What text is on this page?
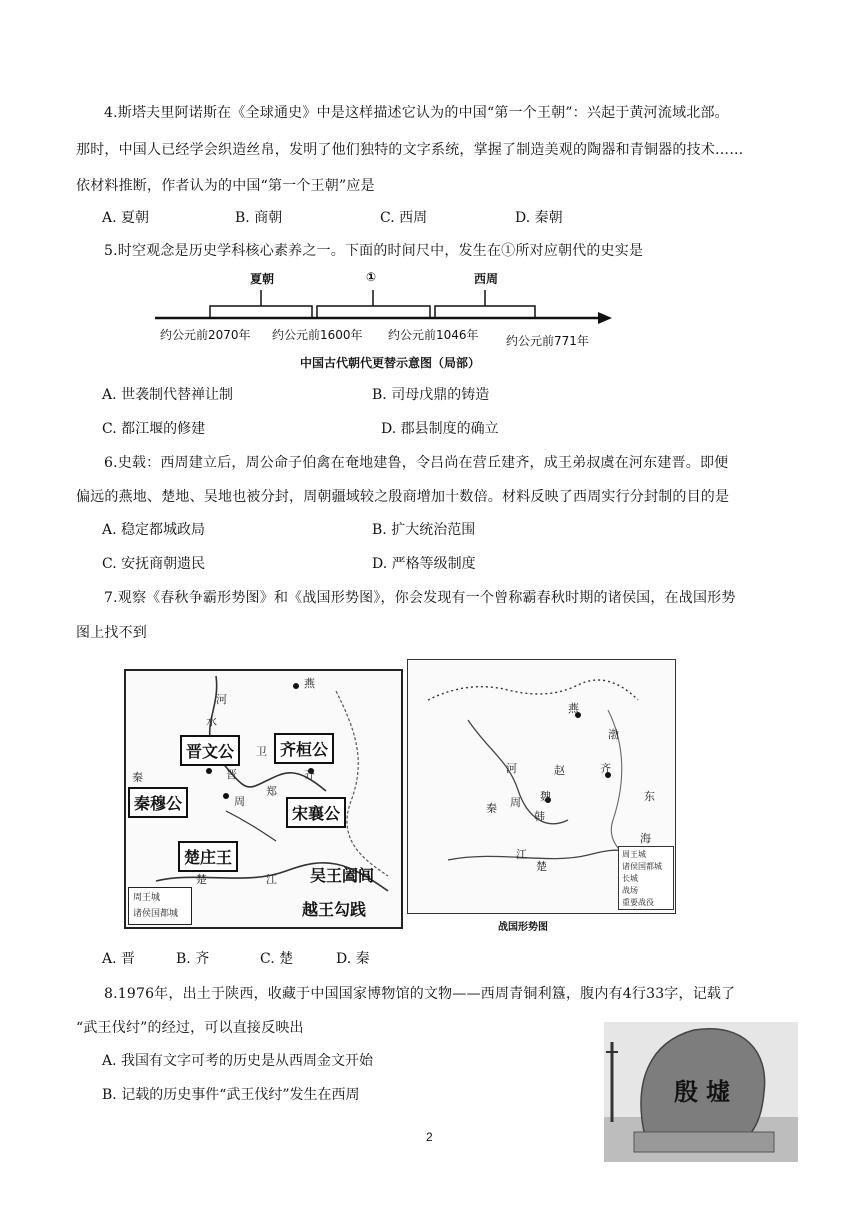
4.斯塔夫里阿诺斯在《全球通史》中是这样描述它认为的中国“第一个王朝”：兴起于黄河流域北部。
那时，中国人已经学会织造丝帛，发明了他们独特的文字系统，掌握了制造美观的陶器和青铜器的技术……
依材料推断，作者认为的中国“第一个王朝”应是
A. 夏朝	B. 商朝	C. 西周	D. 秦朝
5.时空观念是历史学科核心素养之一。下面的时间尺中，发生在①所对应朝代的史实是
夏朝	①	西周
约公元前2070年 约公元前1600年 约公元前1046年 约公元前771年
中国古代朝代更替示意图（局部）
A. 世袭制代替禅让制	B. 司母戊鼎的铸造
C. 都江堰的修建	D. 郡县制度的确立
6.史载：西周建立后，周公命子伯禽在奄地建鲁，令吕尚在营丘建齐，成王弟叔虞在河东建晋。即便
偏远的燕地、楚地、吴地也被分封，周朝疆域较之殷商增加十数倍。材料反映了西周实行分封制的目的是
A. 稳定都城政局	B. 扩大统治范围
C. 安抚商朝遗民	D. 严格等级制度
7.观察《春秋争霸形势图》和《战国形势图》，你会发现有一个曾称霸春秋时期的诸侯国，在战国形势
图上找不到
燕
河
水
卫
秦	晋
周
郑
齐
江
楚
晋文公	齐桓公
秦穆公
宋襄公
楚庄王
吴王阖闾
越王勾践
周王城
诸侯国都城
燕
赵
魏
韩
秦
楚
齐
周
河
江
渤
海
东
周王城
诸侯国都城
长城
战场
重要战役
战国形势图
A. 晋	B. 齐	C. 楚	D. 秦
8.1976年，出土于陕西，收藏于中国国家博物馆的文物——西周青铜利簋，腹内有4行33字，记载了
“武王伐纣”的经过，可以直接反映出
A. 我国有文字可考的历史是从西周金文开始
B. 记载的历史事件“武王伐纣”发生在西周	殷墟
2
